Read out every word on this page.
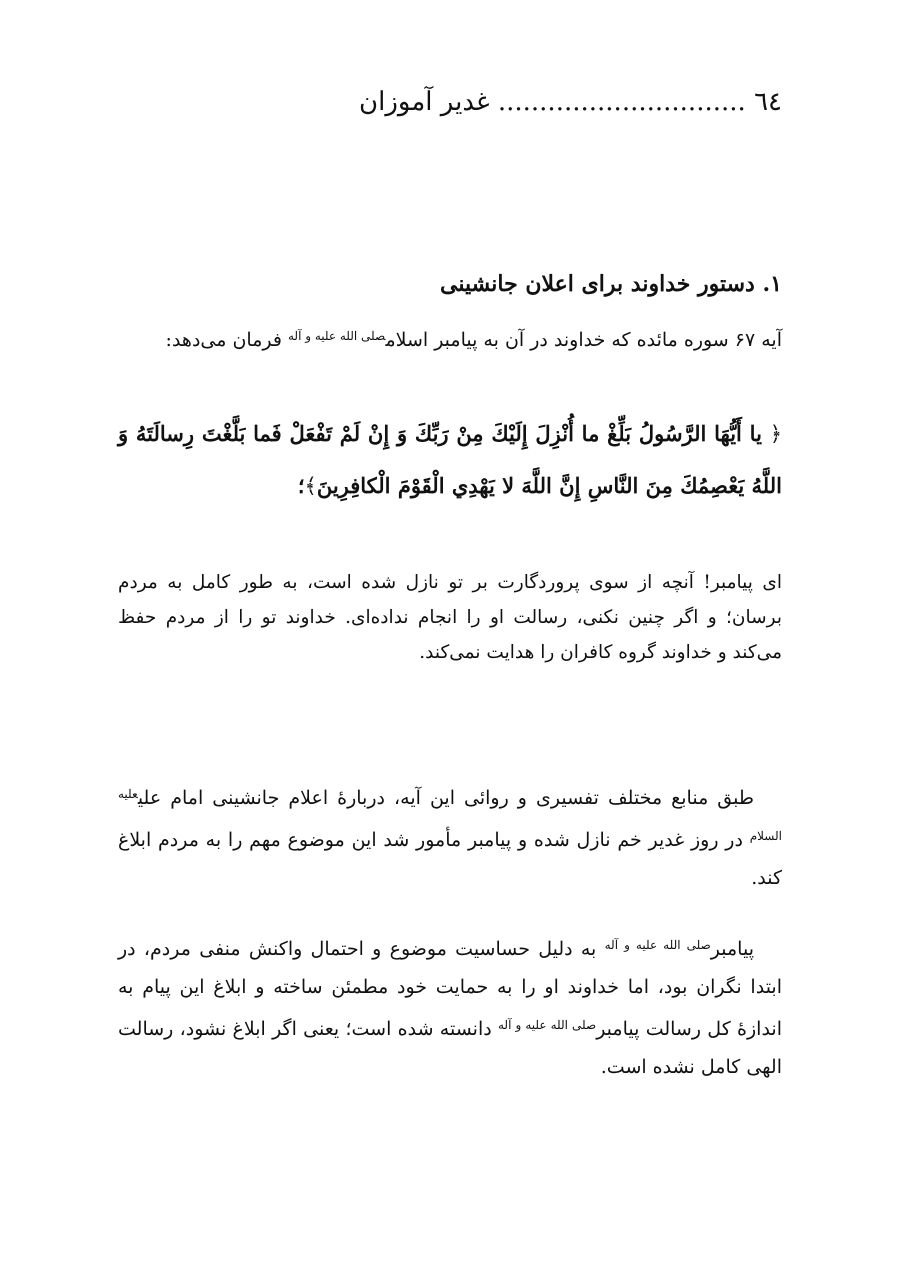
٦٤ .............................. غدیر آموزان
١. دستور خداوند برای اعلان جانشینی

آیه ۶۷ سوره مائده که خداوند در آن به پیامبر اسلام$^{صلی الله علیه و آله}$ فرمان می‌دهد:

﴿ یا أَیُّهَا الرَّسُولُ بَلِّغْ ما أُنْزِلَ إِلَیْكَ مِنْ رَبِّكَ وَ إِنْ لَمْ تَفْعَلْ فَما بَلَّغْتَ رِسالَتَهُ وَ اللَّهُ یَعْصِمُكَ مِنَ النَّاسِ إِنَّ اللَّهَ لا یَهْدِي الْقَوْمَ الْكافِرِینَ﴾؛

ای پیامبر! آنچه از سوی پروردگارت بر تو نازل شده است، به طور کامل به مردم برسان؛ و اگر چنین نکنی، رسالت او را انجام نداده‌ای. خداوند تو را از مردم حفظ می‌کند و خداوند گروه کافران را هدایت نمی‌کند.

طبق منابع مختلف تفسیری و روائی این آیه، دربارهٔ اعلام جانشینی امام علی$^{علیه السلام}$ در روز غدیر خم نازل شده و پیامبر مأمور شد این موضوع مهم را به مردم ابلاغ کند.

پیامبر$^{صلی الله علیه و آله}$ به دلیل حساسیت موضوع و احتمال واکنش منفی مردم، در ابتدا نگران بود، اما خداوند او را به حمایت خود مطمئن ساخته و ابلاغ این پیام به اندازهٔ کل رسالت پیامبر$^{صلی الله علیه و آله}$ دانسته شده است؛ یعنی اگر ابلاغ نشود، رسالت الهی کامل نشده است.
